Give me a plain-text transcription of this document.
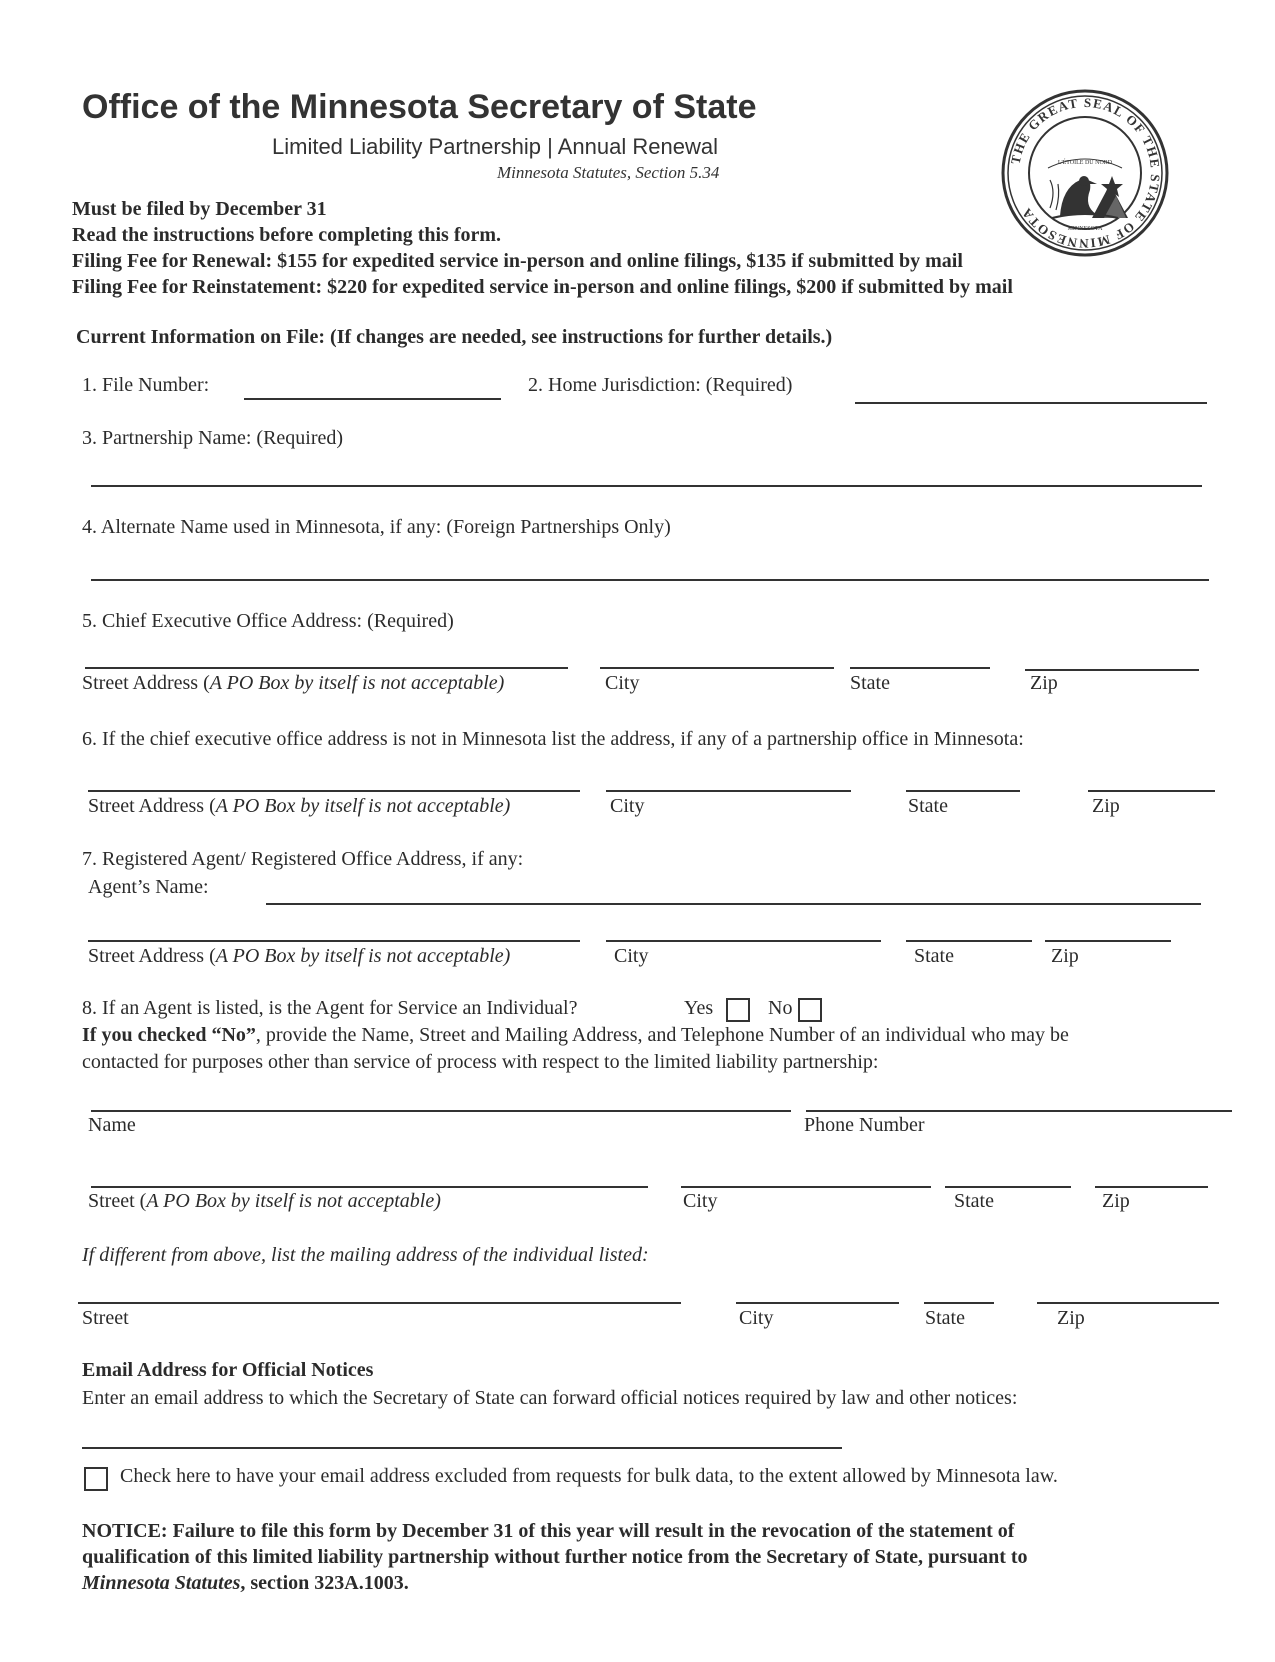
Office of the Minnesota Secretary of State
Limited Liability Partnership | Annual Renewal
Minnesota Statutes, Section 5.34
THE GREAT SEAL OF THE STATE OF MINNESOTA
L'ÉTOILE DU NORD
MINNESOTA
Must be filed by December 31
Read the instructions before completing this form.
Filing Fee for Renewal: $155 for expedited service in-person and online filings, $135 if submitted by mail
Filing Fee for Reinstatement: $220 for expedited service in-person and online filings, $200 if submitted by mail
Current Information on File: (If changes are needed, see instructions for further details.)
1. File Number:	2. Home Jurisdiction: (Required)
3. Partnership Name: (Required)
4. Alternate Name used in Minnesota, if any: (Foreign Partnerships Only)
5. Chief Executive Office Address: (Required)
Street Address (A PO Box by itself is not acceptable)	City	State	Zip
6. If the chief executive office address is not in Minnesota list the address, if any of a partnership office in Minnesota:
Street Address (A PO Box by itself is not acceptable)	City	State	Zip
7. Registered Agent/ Registered Office Address, if any:
Agent’s Name:
Street Address (A PO Box by itself is not acceptable)	City	State	Zip
8. If an Agent is listed, is the Agent for Service an Individual?	Yes	No
If you checked “No”, provide the Name, Street and Mailing Address, and Telephone Number of an individual who may be
contacted for purposes other than service of process with respect to the limited liability partnership:
Name	Phone Number
Street (A PO Box by itself is not acceptable)	City	State	Zip
If different from above, list the mailing address of the individual listed:
Street	City	State	Zip
Email Address for Official Notices
Enter an email address to which the Secretary of State can forward official notices required by law and other notices:
Check here to have your email address excluded from requests for bulk data, to the extent allowed by Minnesota law.
NOTICE: Failure to file this form by December 31 of this year will result in the revocation of the statement of
qualification of this limited liability partnership without further notice from the Secretary of State, pursuant to
Minnesota Statutes, section 323A.1003.
